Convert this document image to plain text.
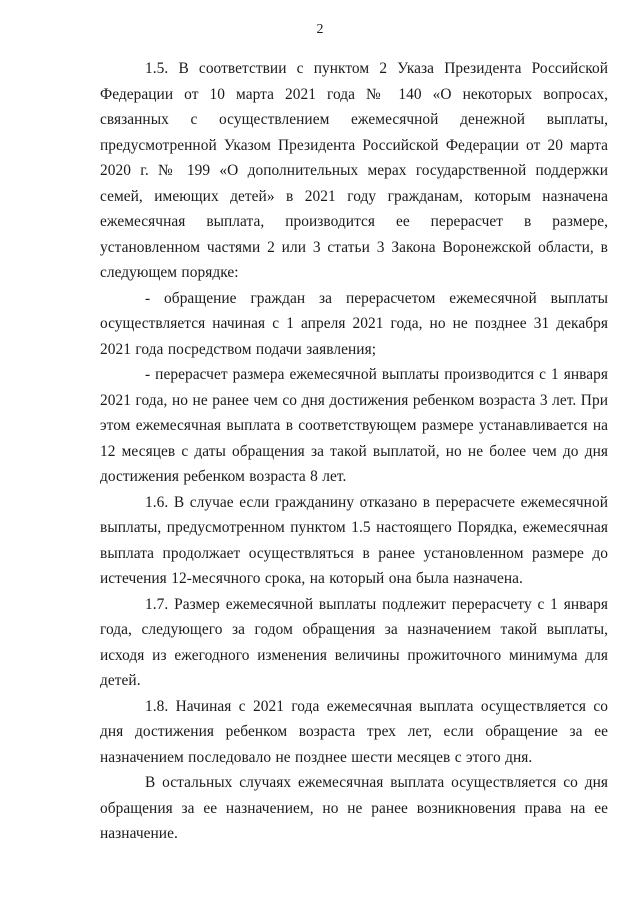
2

1.5. В соответствии с пунктом 2 Указа Президента Российской Федерации от 10 марта 2021 года № 140 «О некоторых вопросах, связанных с осуществлением ежемесячной денежной выплаты, предусмотренной Указом Президента Российской Федерации от 20 марта 2020 г. № 199 «О дополнительных мерах государственной поддержки семей, имеющих детей» в 2021 году гражданам, которым назначена ежемесячная выплата, производится ее перерасчет в размере, установленном частями 2 или 3 статьи 3 Закона Воронежской области, в следующем порядке:

- обращение граждан за перерасчетом ежемесячной выплаты осуществляется начиная с 1 апреля 2021 года, но не позднее 31 декабря 2021 года посредством подачи заявления;

- перерасчет размера ежемесячной выплаты производится с 1 января 2021 года, но не ранее чем со дня достижения ребенком возраста 3 лет. При этом ежемесячная выплата в соответствующем размере устанавливается на 12 месяцев с даты обращения за такой выплатой, но не более чем до дня достижения ребенком возраста 8 лет.

1.6. В случае если гражданину отказано в перерасчете ежемесячной выплаты, предусмотренном пунктом 1.5 настоящего Порядка, ежемесячная выплата продолжает осуществляться в ранее установленном размере до истечения 12-месячного срока, на который она была назначена.

1.7. Размер ежемесячной выплаты подлежит перерасчету с 1 января года, следующего за годом обращения за назначением такой выплаты, исходя из ежегодного изменения величины прожиточного минимума для детей.

1.8. Начиная с 2021 года ежемесячная выплата осуществляется со дня достижения ребенком возраста трех лет, если обращение за ее назначением последовало не позднее шести месяцев с этого дня.

В остальных случаях ежемесячная выплата осуществляется со дня обращения за ее назначением, но не ранее возникновения права на ее назначение.
